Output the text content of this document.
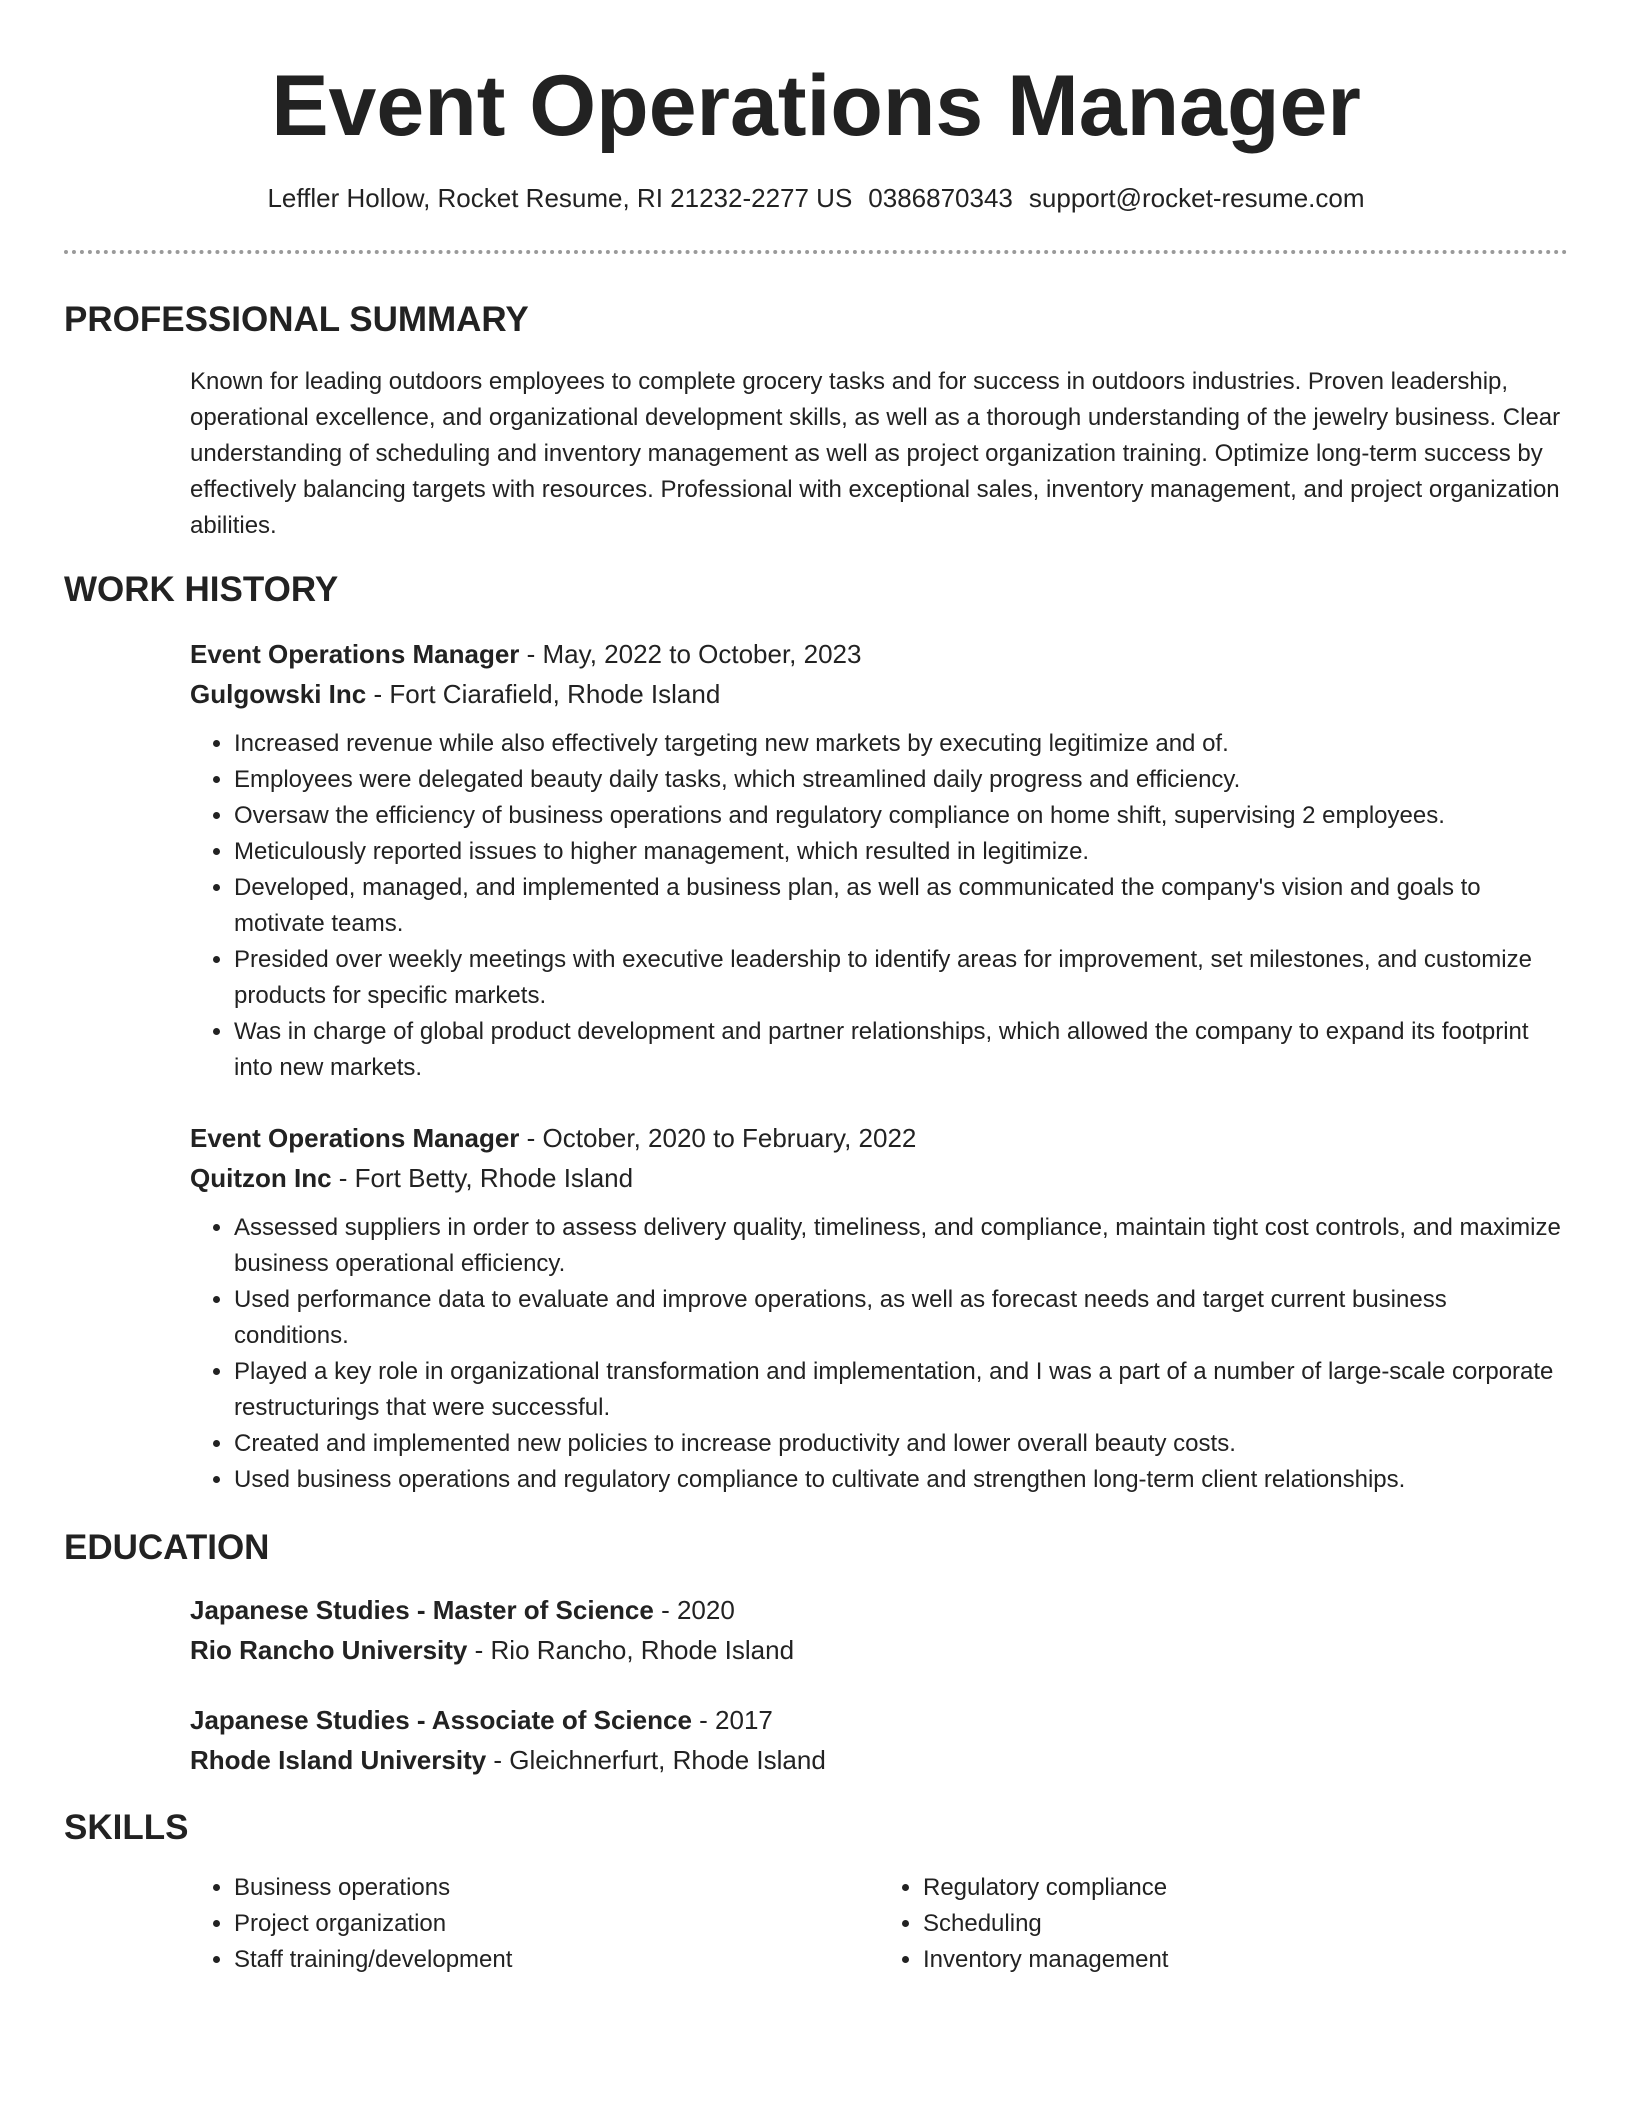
Event Operations Manager
Leffler Hollow, Rocket Resume, RI 21232-2277 US 0386870343 support@rocket-resume.com
PROFESSIONAL SUMMARY
Known for leading outdoors employees to complete grocery tasks and for success in outdoors industries. Proven leadership, operational excellence, and organizational development skills, as well as a thorough understanding of the jewelry business. Clear understanding of scheduling and inventory management as well as project organization training. Optimize long-term success by effectively balancing targets with resources. Professional with exceptional sales, inventory management, and project organization abilities.
WORK HISTORY
Event Operations Manager - May, 2022 to October, 2023
Gulgowski Inc - Fort Ciarafield, Rhode Island
• Increased revenue while also effectively targeting new markets by executing legitimize and of.
• Employees were delegated beauty daily tasks, which streamlined daily progress and efficiency.
• Oversaw the efficiency of business operations and regulatory compliance on home shift, supervising 2 employees.
• Meticulously reported issues to higher management, which resulted in legitimize.
• Developed, managed, and implemented a business plan, as well as communicated the company's vision and goals to motivate teams.
• Presided over weekly meetings with executive leadership to identify areas for improvement, set milestones, and customize products for specific markets.
• Was in charge of global product development and partner relationships, which allowed the company to expand its footprint into new markets.
Event Operations Manager - October, 2020 to February, 2022
Quitzon Inc - Fort Betty, Rhode Island
• Assessed suppliers in order to assess delivery quality, timeliness, and compliance, maintain tight cost controls, and maximize business operational efficiency.
• Used performance data to evaluate and improve operations, as well as forecast needs and target current business conditions.
• Played a key role in organizational transformation and implementation, and I was a part of a number of large-scale corporate restructurings that were successful.
• Created and implemented new policies to increase productivity and lower overall beauty costs.
• Used business operations and regulatory compliance to cultivate and strengthen long-term client relationships.
EDUCATION
Japanese Studies - Master of Science - 2020
Rio Rancho University - Rio Rancho, Rhode Island
Japanese Studies - Associate of Science - 2017
Rhode Island University - Gleichnerfurt, Rhode Island
SKILLS
• Business operations
• Project organization
• Staff training/development
• Regulatory compliance
• Scheduling
• Inventory management
